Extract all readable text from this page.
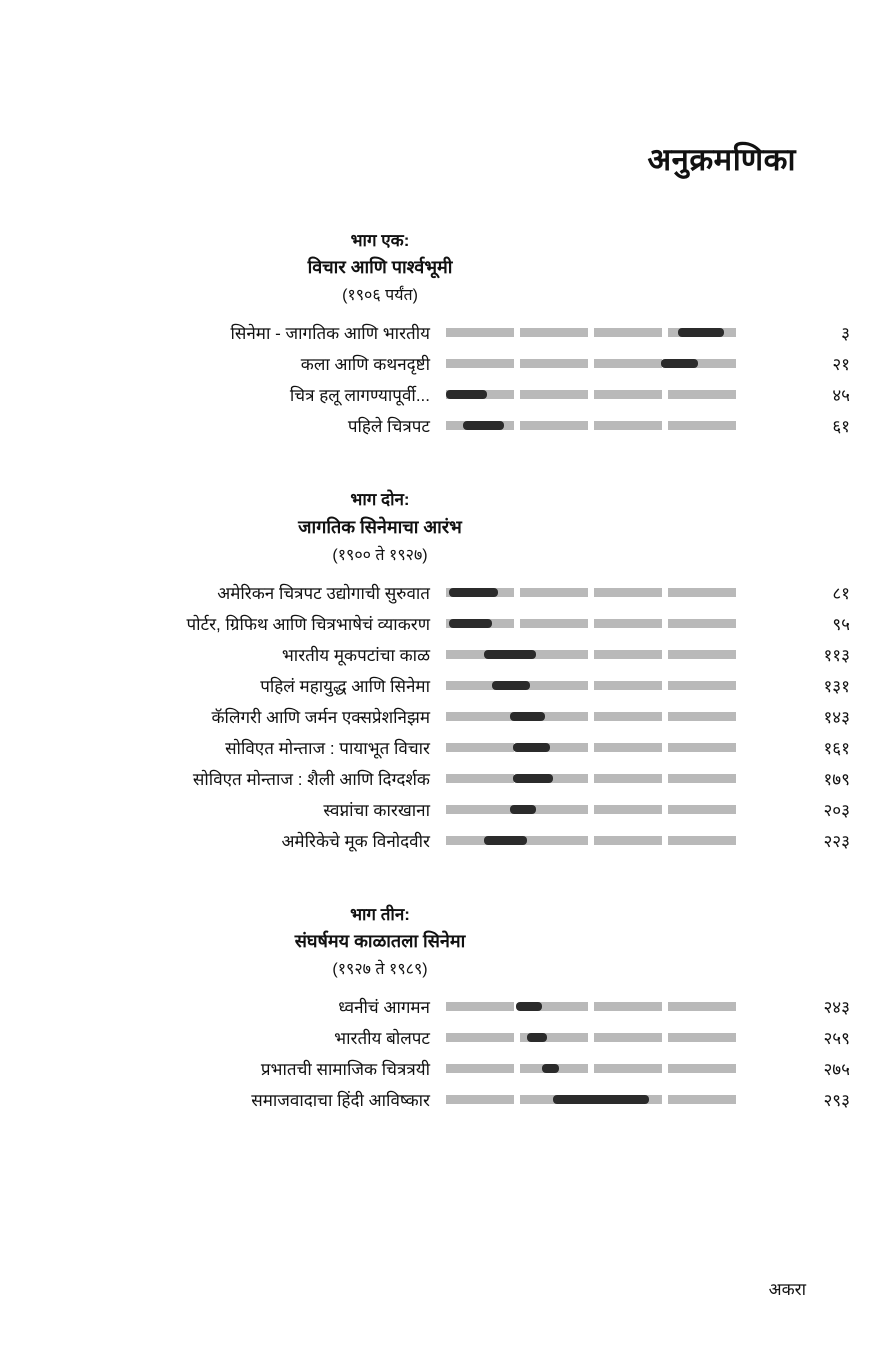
अनुक्रमणिका
भाग एक:
विचार आणि पार्श्वभूमी
(१९०६ पर्यंत)
सिनेमा - जागतिक आणि भारतीय	३
कला आणि कथनदृष्टी	२१
चित्र हलू लागण्यापूर्वी...	४५
पहिले चित्रपट	६१
भाग दोन:
जागतिक सिनेमाचा आरंभ
(१९०० ते १९२७)
अमेरिकन चित्रपट उद्योगाची सुरुवात	८१
पोर्टर, ग्रिफिथ आणि चित्रभाषेचं व्याकरण	९५
भारतीय मूकपटांचा काळ	११३
पहिलं महायुद्ध आणि सिनेमा	१३१
कॅलिगरी आणि जर्मन एक्सप्रेशनिझम	१४३
सोविएत मोन्ताज : पायाभूत विचार	१६१
सोविएत मोन्ताज : शैली आणि दिग्दर्शक	१७९
स्वप्नांचा कारखाना	२०३
अमेरिकेचे मूक विनोदवीर	२२३
भाग तीन:
संघर्षमय काळातला सिनेमा
(१९२७ ते १९८९)
ध्वनीचं आगमन	२४३
भारतीय बोलपट	२५९
प्रभातची सामाजिक चित्रत्रयी	२७५
समाजवादाचा हिंदी आविष्कार	२९३
अकरा
